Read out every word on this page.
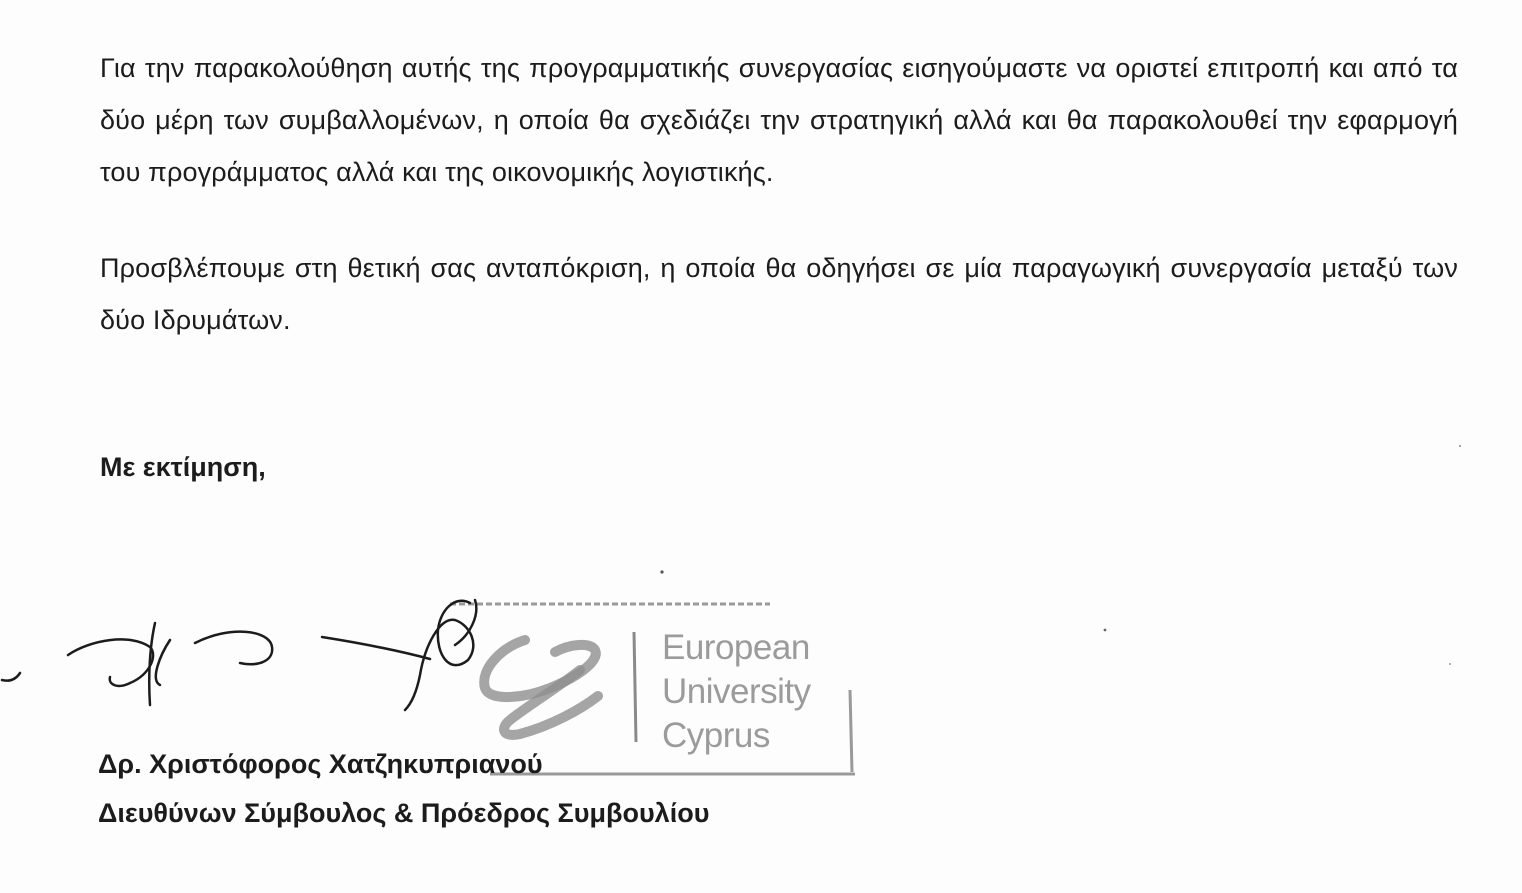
Για την παρακολούθηση αυτής της προγραμματικής συνεργασίας εισηγούμαστε να οριστεί επιτροπή και από τα δύο μέρη των συμβαλλομένων, η οποία θα σχεδιάζει την στρατηγική αλλά και θα παρακολουθεί την εφαρμογή του προγράμματος αλλά και της οικονομικής λογιστικής.

Προσβλέπουμε στη θετική σας ανταπόκριση, η οποία θα οδηγήσει σε μία παραγωγική συνεργασία μεταξύ των δύο Ιδρυμάτων.

Με εκτίμηση,
European
University
Cyprus
Δρ. Χριστόφορος Χατζηκυπριανού
Διευθύνων Σύμβουλος & Πρόεδρος Συμβουλίου
